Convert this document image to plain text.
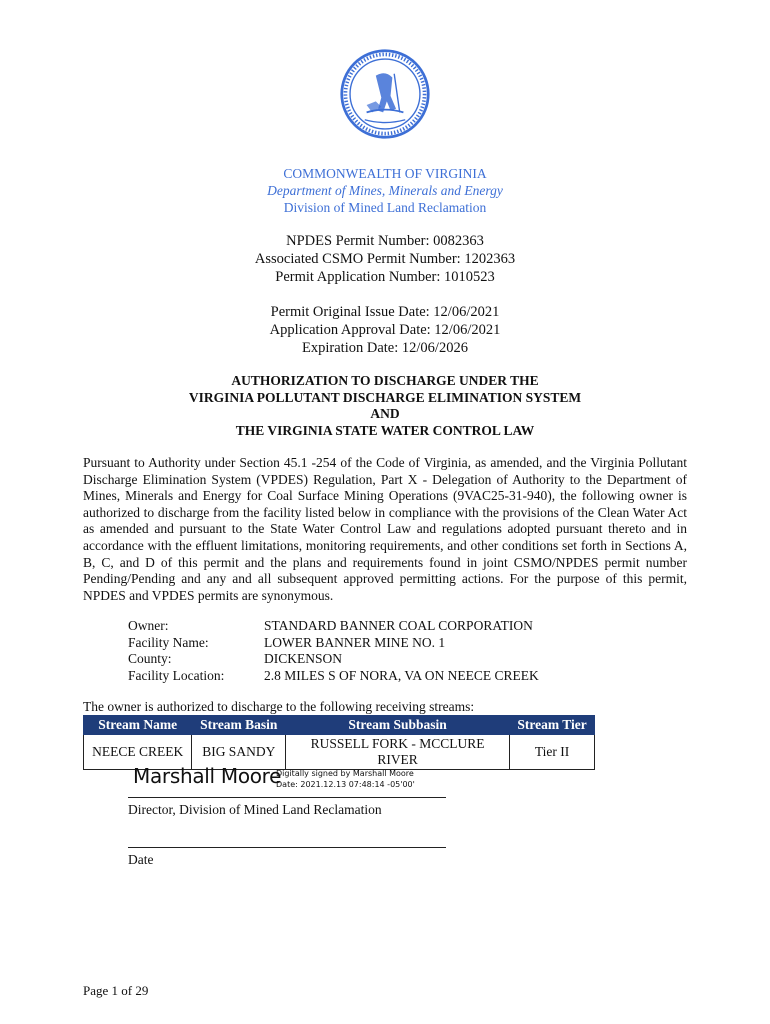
COMMONWEALTH OF VIRGINIA
Department of Mines, Minerals and Energy
Division of Mined Land Reclamation
NPDES Permit Number: 0082363
Associated CSMO Permit Number: 1202363
Permit Application Number: 1010523
Permit Original Issue Date: 12/06/2021
Application Approval Date: 12/06/2021
Expiration Date: 12/06/2026
AUTHORIZATION TO DISCHARGE UNDER THE
VIRGINIA POLLUTANT DISCHARGE ELIMINATION SYSTEM
AND
THE VIRGINIA STATE WATER CONTROL LAW
Pursuant to Authority under Section 45.1 -254 of the Code of Virginia, as amended, and the Virginia Pollutant Discharge Elimination System (VPDES) Regulation, Part X - Delegation of Authority to the Department of Mines, Minerals and Energy for Coal Surface Mining Operations (9VAC25-31-940), the following owner is authorized to discharge from the facility listed below in compliance with the provisions of the Clean Water Act as amended and pursuant to the State Water Control Law and regulations adopted pursuant thereto and in accordance with the effluent limitations, monitoring requirements, and other conditions set forth in Sections A, B, C, and D of this permit and the plans and requirements found in joint CSMO/NPDES permit number Pending/Pending and any and all subsequent approved permitting actions. For the purpose of this permit, NPDES and VPDES permits are synonymous.
Owner:	STANDARD BANNER COAL CORPORATION
Facility Name:	LOWER BANNER MINE NO. 1
County:	DICKENSON
Facility Location:	2.8 MILES S OF NORA, VA ON NEECE CREEK
The owner is authorized to discharge to the following receiving streams:
Stream Name	Stream Basin	Stream Subbasin	Stream Tier
NEECE CREEK	BIG SANDY	RUSSELL FORK - MCCLURE RIVER	Tier II
Marshall Moore
Digitally signed by Marshall Moore
Date: 2021.12.13 07:48:14 -05'00'
Director, Division of Mined Land Reclamation
Date
Page 1 of 29
